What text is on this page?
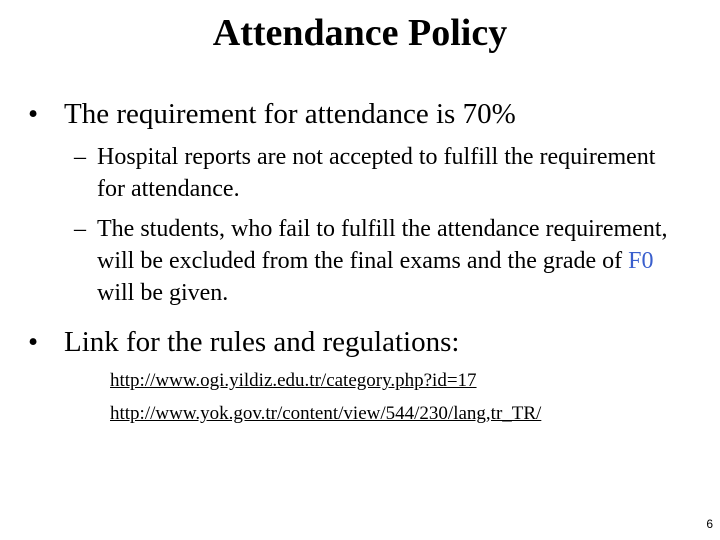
Attendance Policy
• The requirement for attendance is 70%
– Hospital reports are not accepted to fulfill the requirement for attendance.
– The students, who fail to fulfill the attendance requirement, will be excluded from the final exams and the grade of F0 will be given.
• Link for the rules and regulations:
http://www.ogi.yildiz.edu.tr/category.php?id=17
http://www.yok.gov.tr/content/view/544/230/lang,tr_TR/
6
